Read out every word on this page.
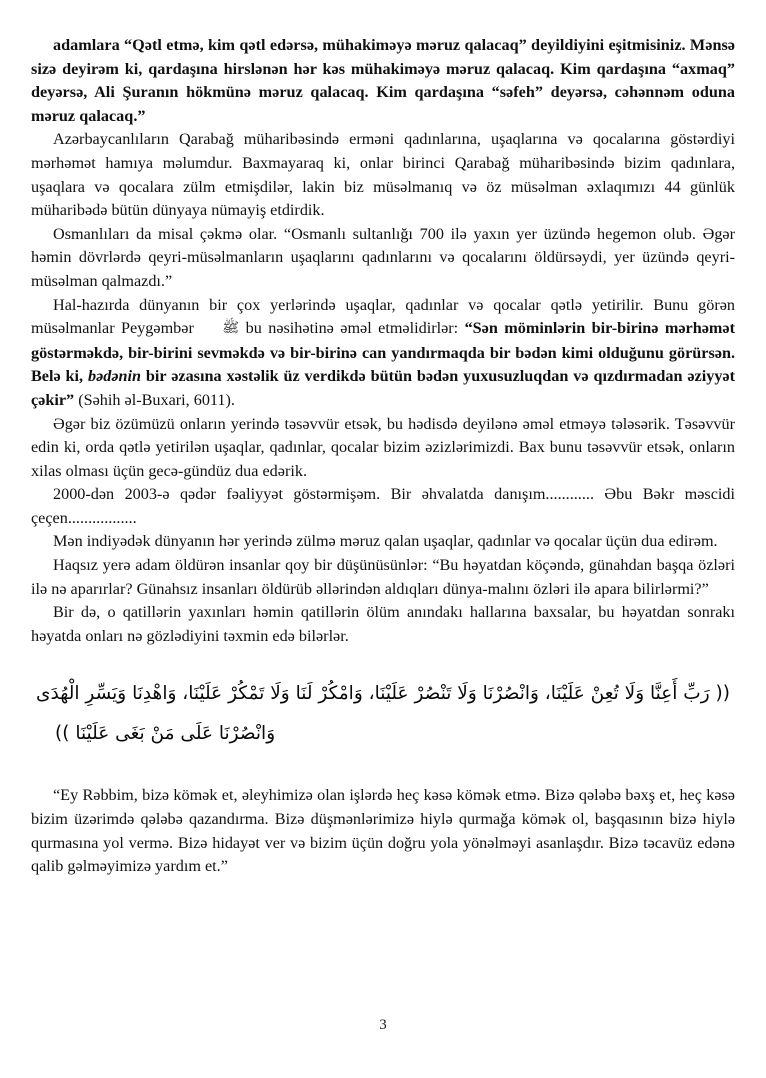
adamlara “Qətl etmə, kim qətl edərsə, mühakiməyə məruz qalacaq” deyildiyini eşitmisiniz. Mənsə sizə deyirəm ki, qardaşına hirslənən hər kəs mühakiməyə məruz qalacaq. Kim qardaşına “axmaq” deyərsə, Ali Şuranın hökmünə məruz qalacaq. Kim qardaşına “səfeh” deyərsə, cəhənnəm oduna məruz qalacaq.”

Azərbaycanlıların Qarabağ müharibəsində erməni qadınlarına, uşaqlarına və qocalarına göstərdiyi mərhəmət hamıya məlumdur. Baxmayaraq ki, onlar birinci Qarabağ müharibəsində bizim qadınlara, uşaqlara və qocalara zülm etmişdilər, lakin biz müsəlmanıq və öz müsəlman əxlaqımızı 44 günlük müharibədə bütün dünyaya nümayiş etdirdik.

Osmanlıları da misal çəkmə olar. “Osmanlı sultanlığı 700 ilə yaxın yer üzündə hegemon olub. Əgər həmin dövrlərdə qeyri-müsəlmanların uşaqlarını qadınlarını və qocalarını öldürsəydi, yer üzündə qeyri-müsəlman qalmazdı.”

Hal-hazırda dünyanın bir çox yerlərində uşaqlar, qadınlar və qocalar qətlə yetirilir. Bunu görən müsəlmanlar Peygəmbər ﷺ bu nəsihətinə əməl etməlidirlər: “Sən möminlərin bir-birinə mərhəmət göstərməkdə, bir-birini sevməkdə və bir-birinə can yandırmaqda bir bədən kimi olduğunu görürsən. Belə ki, bədənin bir əzasına xəstəlik üz verdikdə bütün bədən yuxusuzluqdan və qızdırmadan əziyyət çəkir” (Səhih əl-Buxari, 6011).

Əgər biz özümüzü onların yerində təsəvvür etsək, bu hədisdə deyilənə əməl etməyə tələsərik. Təsəvvür edin ki, orda qətlə yetirilən uşaqlar, qadınlar, qocalar bizim əzizlərimizdi. Bax bunu təsəvvür etsək, onların xilas olması üçün gecə-gündüz dua edərik.

2000-dən 2003-ə qədər fəaliyyət göstərmişəm. Bir əhvalatda danışım............ Əbu Bəkr məscidi çeçen.................

Mən indiyədək dünyanın hər yerində zülmə məruz qalan uşaqlar, qadınlar və qocalar üçün dua edirəm.

Haqsız yerə adam öldürən insanlar qoy bir düşünüsünlər: “Bu həyatdan köçəndə, günahdan başqa özləri ilə nə aparırlar? Günahsız insanları öldürüb əllərindən aldıqları dünya-malını özləri ilə apara bilirlərmi?”

Bir də, o qatillərin yaxınları həmin qatillərin ölüm anındakı hallarına baxsalar, bu həyatdan sonrakı həyatda onları nə gözlədiyini təxmin edə bilərlər.

(( رَبِّ أَعِنَّا وَلَا تُعِنْ عَلَيْنَا، وَانْصُرْنَا وَلَا تَنْصُرْ عَلَيْنَا، وَامْكُرْ لَنَا وَلَا تَمْكُرْ عَلَيْنَا، وَاهْدِنَا وَيَسِّرِ الْهُدَى
وَانْصُرْنَا عَلَى مَنْ بَغَى عَلَيْنَا ))

“Ey Rəbbim, bizə kömək et, əleyhimizə olan işlərdə heç kəsə kömək etmə. Bizə qələbə bəxş et, heç kəsə bizim üzərimdə qələbə qazandırma. Bizə düşmənlərimizə hiylə qurmağa kömək ol, başqasının bizə hiylə qurmasına yol vermə. Bizə hidayət ver və bizim üçün doğru yola yönəlməyi asanlaşdır. Bizə təcavüz edənə qalib gəlməyimizə yardım et.”

3
